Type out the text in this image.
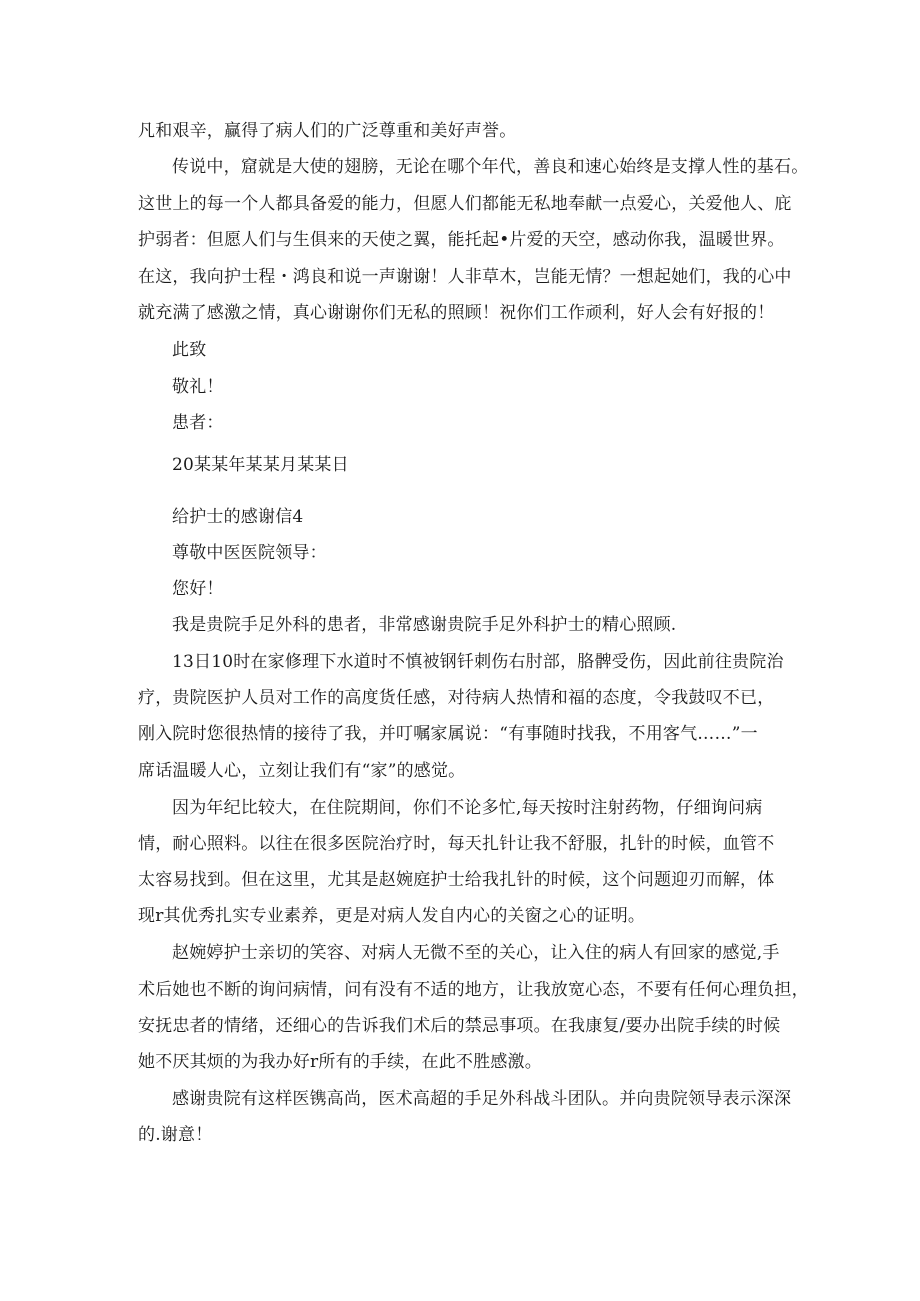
凡和艰辛，赢得了病人们的广泛尊重和美好声誉。
传说中，窟就是大使的翅膀，无论在哪个年代，善良和速心始终是支撑人性的基石。
这世上的每一个人都具备爱的能力，但愿人们都能无私地奉献一点爱心，关爱他人、庇
护弱者：但愿人们与生俱来的天使之翼，能托起•片爱的天空，感动你我，温暖世界。
在这，我向护士程・鸿良和说一声谢谢！人非草木，岂能无情？一想起她们，我的心中
就充满了感激之情，真心谢谢你们无私的照顾！祝你们工作顽利，好人会有好报的！
此致
敬礼！
患者：
20某某年某某月某某日
给护士的感谢信4
尊敬中医医院领导：
您好！
我是贵院手足外科的患者，非常感谢贵院手足外科护士的精心照顾.
13日10时在家修理下水道时不慎被钢钎刺伤右肘部，胳髀受伤，因此前往贵院治
疗，贵院医护人员对工作的高度货任感，对待病人热情和福的态度，令我鼓叹不已，
刚入院时您很热情的接待了我，并叮嘱家属说：“有事随时找我，不用客气……”一
席话温暖人心，立刻让我们有“家”的感觉。
因为年纪比较大，在住院期间，你们不论多忙,每天按时注射药物，仔细询问病
情，耐心照料。以往在很多医院治疗时，每天扎针让我不舒服，扎针的时候，血管不
太容易找到。但在这里，尤其是赵婉庭护士给我扎针的时候，这个问题迎刃而解，体
现r其优秀扎实专业素养，更是对病人发自内心的关窗之心的证明。
赵婉婷护士亲切的笑容、对病人无微不至的关心，让入住的病人有回家的感觉,手
术后她也不断的询问病情，问有没有不适的地方，让我放宽心态，不要有任何心理负担，
安抚忠者的情绪，还细心的告诉我们术后的禁忌事项。在我康复/要办出院手续的时候
她不厌其烦的为我办好r所有的手续，在此不胜感激。
感谢贵院有这样医镌高尚，医术高超的手足外科战斗团队。并向贵院领导表示深深
的.谢意！
